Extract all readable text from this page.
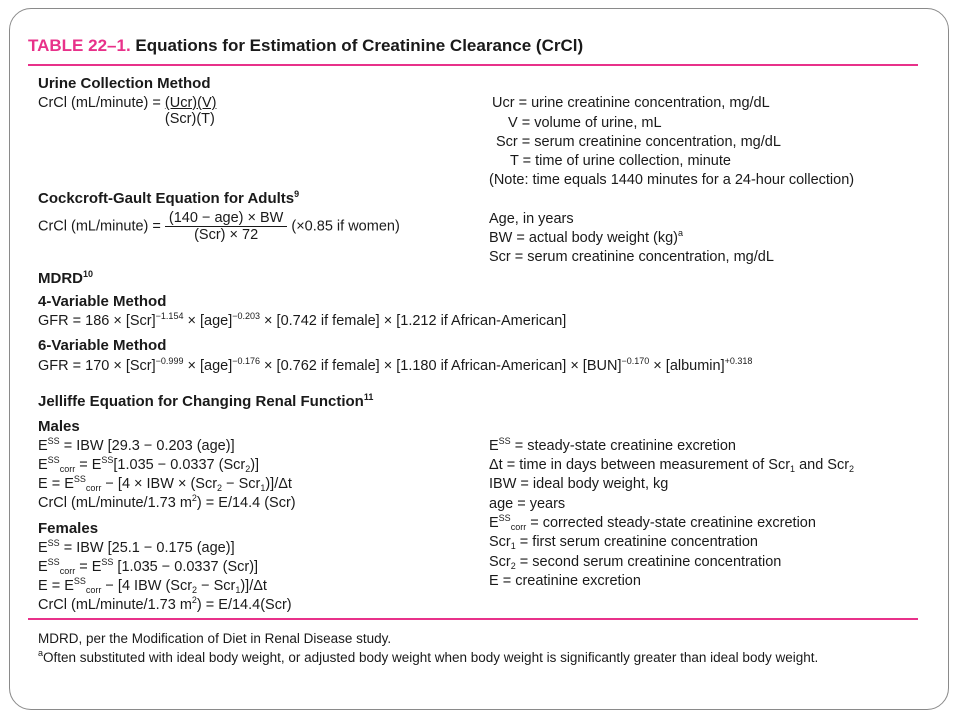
TABLE 22–1. Equations for Estimation of Creatinine Clearance (CrCl)
Urine Collection Method
CrCl (mL/minute) = $\frac{\text{(Ucr)(V)}}{\text{(Scr)(T)}}$	Ucr = urine creatinine concentration, mg/dL
V = volume of urine, mL
Scr = serum creatinine concentration, mg/dL
T = time of urine collection, minute
(Note: time equals 1440 minutes for a 24-hour collection)
Cockcroft-Gault Equation for Adults$^9$
CrCl (mL/minute) = $\frac{\text{(140 − age) × BW}}{\text{(Scr) × 72}} (\times 0.85$ if women)	Age, in years
BW = actual body weight (kg)$^a$
Scr = serum creatinine concentration, mg/dL
MDRD$^{10}$
4-Variable Method
GFR = 186 × [Scr]$^{-1.154}$ × [age]$^{-0.203}$ × [0.742 if female] × [1.212 if African-American]
6-Variable Method
GFR = 170 × [Scr]$^{-0.999}$ × [age]$^{-0.176}$ × [0.762 if female] × [1.180 if African-American] × [BUN]$^{-0.170}$ × [albumin]$^{+0.318}$
Jelliffe Equation for Changing Renal Function$^{11}$
Males
$E^{SS}$ = IBW [29.3 − 0.203 (age)]
$E^{SS}_{corr} = E^{SS}[1.035 - 0.0337$ (Scr$_2$)]
$E = E^{SS}_{corr} - [4$ × IBW × (Scr$_2$ − Scr$_1$)]/Δt
CrCl (mL/minute/1.73 $m^2) = E/14.4$ (Scr)
Females
$E^{SS}$ = IBW [25.1 − 0.175 (age)]
$E^{SS}_{corr} = E^{SS}$ [1.035 − 0.0337 (Scr)]
$E = E^{SS}_{corr} - [4$ IBW (Scr$_2$ − Scr$_1$)]/Δt
CrCl (mL/minute/1.73 $m^2) = E/14.4(Scr)$
$E^{SS}$ = steady-state creatinine excretion
Δt = time in days between measurement of Scr$_1$ and Scr$_2$
IBW = ideal body weight, kg
age = years
$E^{SS}_{corr}$ = corrected steady-state creatinine excretion
Scr$_1$ = first serum creatinine concentration
Scr$_2$ = second serum creatinine concentration
E = creatinine excretion
MDRD, per the Modification of Diet in Renal Disease study.
$^a$Often substituted with ideal body weight, or adjusted body weight when body weight is significantly greater than ideal body weight.
